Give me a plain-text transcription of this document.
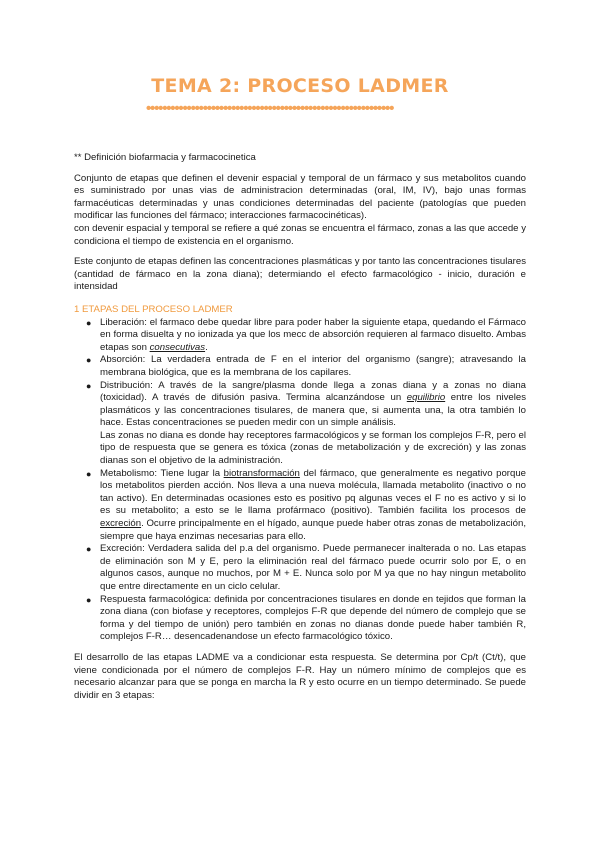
TEMA 2: PROCESO LADMER
•••••••••••••••••••••••••••••••••••••••••••••••••••••••••••••

** Definición biofarmacia y farmacocinetica

Conjunto de etapas que definen el devenir espacial y temporal de un fármaco y sus metabolitos cuando es suministrado por unas vias de administracion determinadas (oral, IM, IV), bajo unas formas farmacéuticas determinadas y unas condiciones determinadas del paciente (patologías que pueden modificar las funciones del fármaco; interacciones farmacocinéticas).

con devenir espacial y temporal se refiere a qué zonas se encuentra el fármaco, zonas a las que accede y condiciona el tiempo de existencia en el organismo.

Este conjunto de etapas definen las concentraciones plasmáticas y por tanto las concentraciones tisulares (cantidad de fármaco en la zona diana); determiando el efecto farmacológico - inicio, duración e intensidad

1 ETAPAS DEL PROCESO LADMER

● Liberación: el farmaco debe quedar libre para poder haber la siguiente etapa, quedando el Fármaco en forma disuelta y no ionizada ya que los mecc de absorción requieren al farmaco disuelto. Ambas etapas son consecutivas.
● Absorción: La verdadera entrada de F en el interior del organismo (sangre); atravesando la membrana biológica, que es la membrana de los capilares.
● Distribución: A través de la sangre/plasma donde llega a zonas diana y a zonas no diana (toxicidad). A través de difusión pasiva. Termina alcanzándose un equilibrio entre los niveles plasmáticos y las concentraciones tisulares, de manera que, si aumenta una, la otra también lo hace. Estas concentraciones se pueden medir con un simple análisis.
Las zonas no diana es donde hay receptores farmacológicos y se forman los complejos F-R, pero el tipo de respuesta que se genera es tóxica (zonas de metabolización y de excreción) y las zonas dianas son el objetivo de la administración.
● Metabolismo: Tiene lugar la biotransformación del fármaco, que generalmente es negativo porque los metabolitos pierden acción. Nos lleva a una nueva molécula, llamada metabolito (inactivo o no tan activo). En determinadas ocasiones esto es positivo pq algunas veces el F no es activo y si lo es su metabolito; a esto se le llama profármaco (positivo). También facilita los procesos de excreción. Ocurre principalmente en el hígado, aunque puede haber otras zonas de metabolización, siempre que haya enzimas necesarias para ello.
● Excreción: Verdadera salida del p.a del organismo. Puede permanecer inalterada o no. Las etapas de eliminación son M y E, pero la eliminación real del fármaco puede ocurrir solo por E, o en algunos casos, aunque no muchos, por M + E. Nunca solo por M ya que no hay ningun metabolito que entre directamente en un ciclo celular.
● Respuesta farmacológica: definida por concentraciones tisulares en donde en tejidos que forman la zona diana (con biofase y receptores, complejos F-R que depende del número de complejo que se forma y del tiempo de unión) pero también en zonas no dianas donde puede haber también R, complejos F-R… desencadenandose un efecto farmacológico tóxico.

El desarrollo de las etapas LADME va a condicionar esta respuesta. Se determina por Cp/t (Ct/t), que viene condicionada por el número de complejos F-R. Hay un número mínimo de complejos que es necesario alcanzar para que se ponga en marcha la R y esto ocurre en un tiempo determinado. Se puede dividir en 3 etapas:
